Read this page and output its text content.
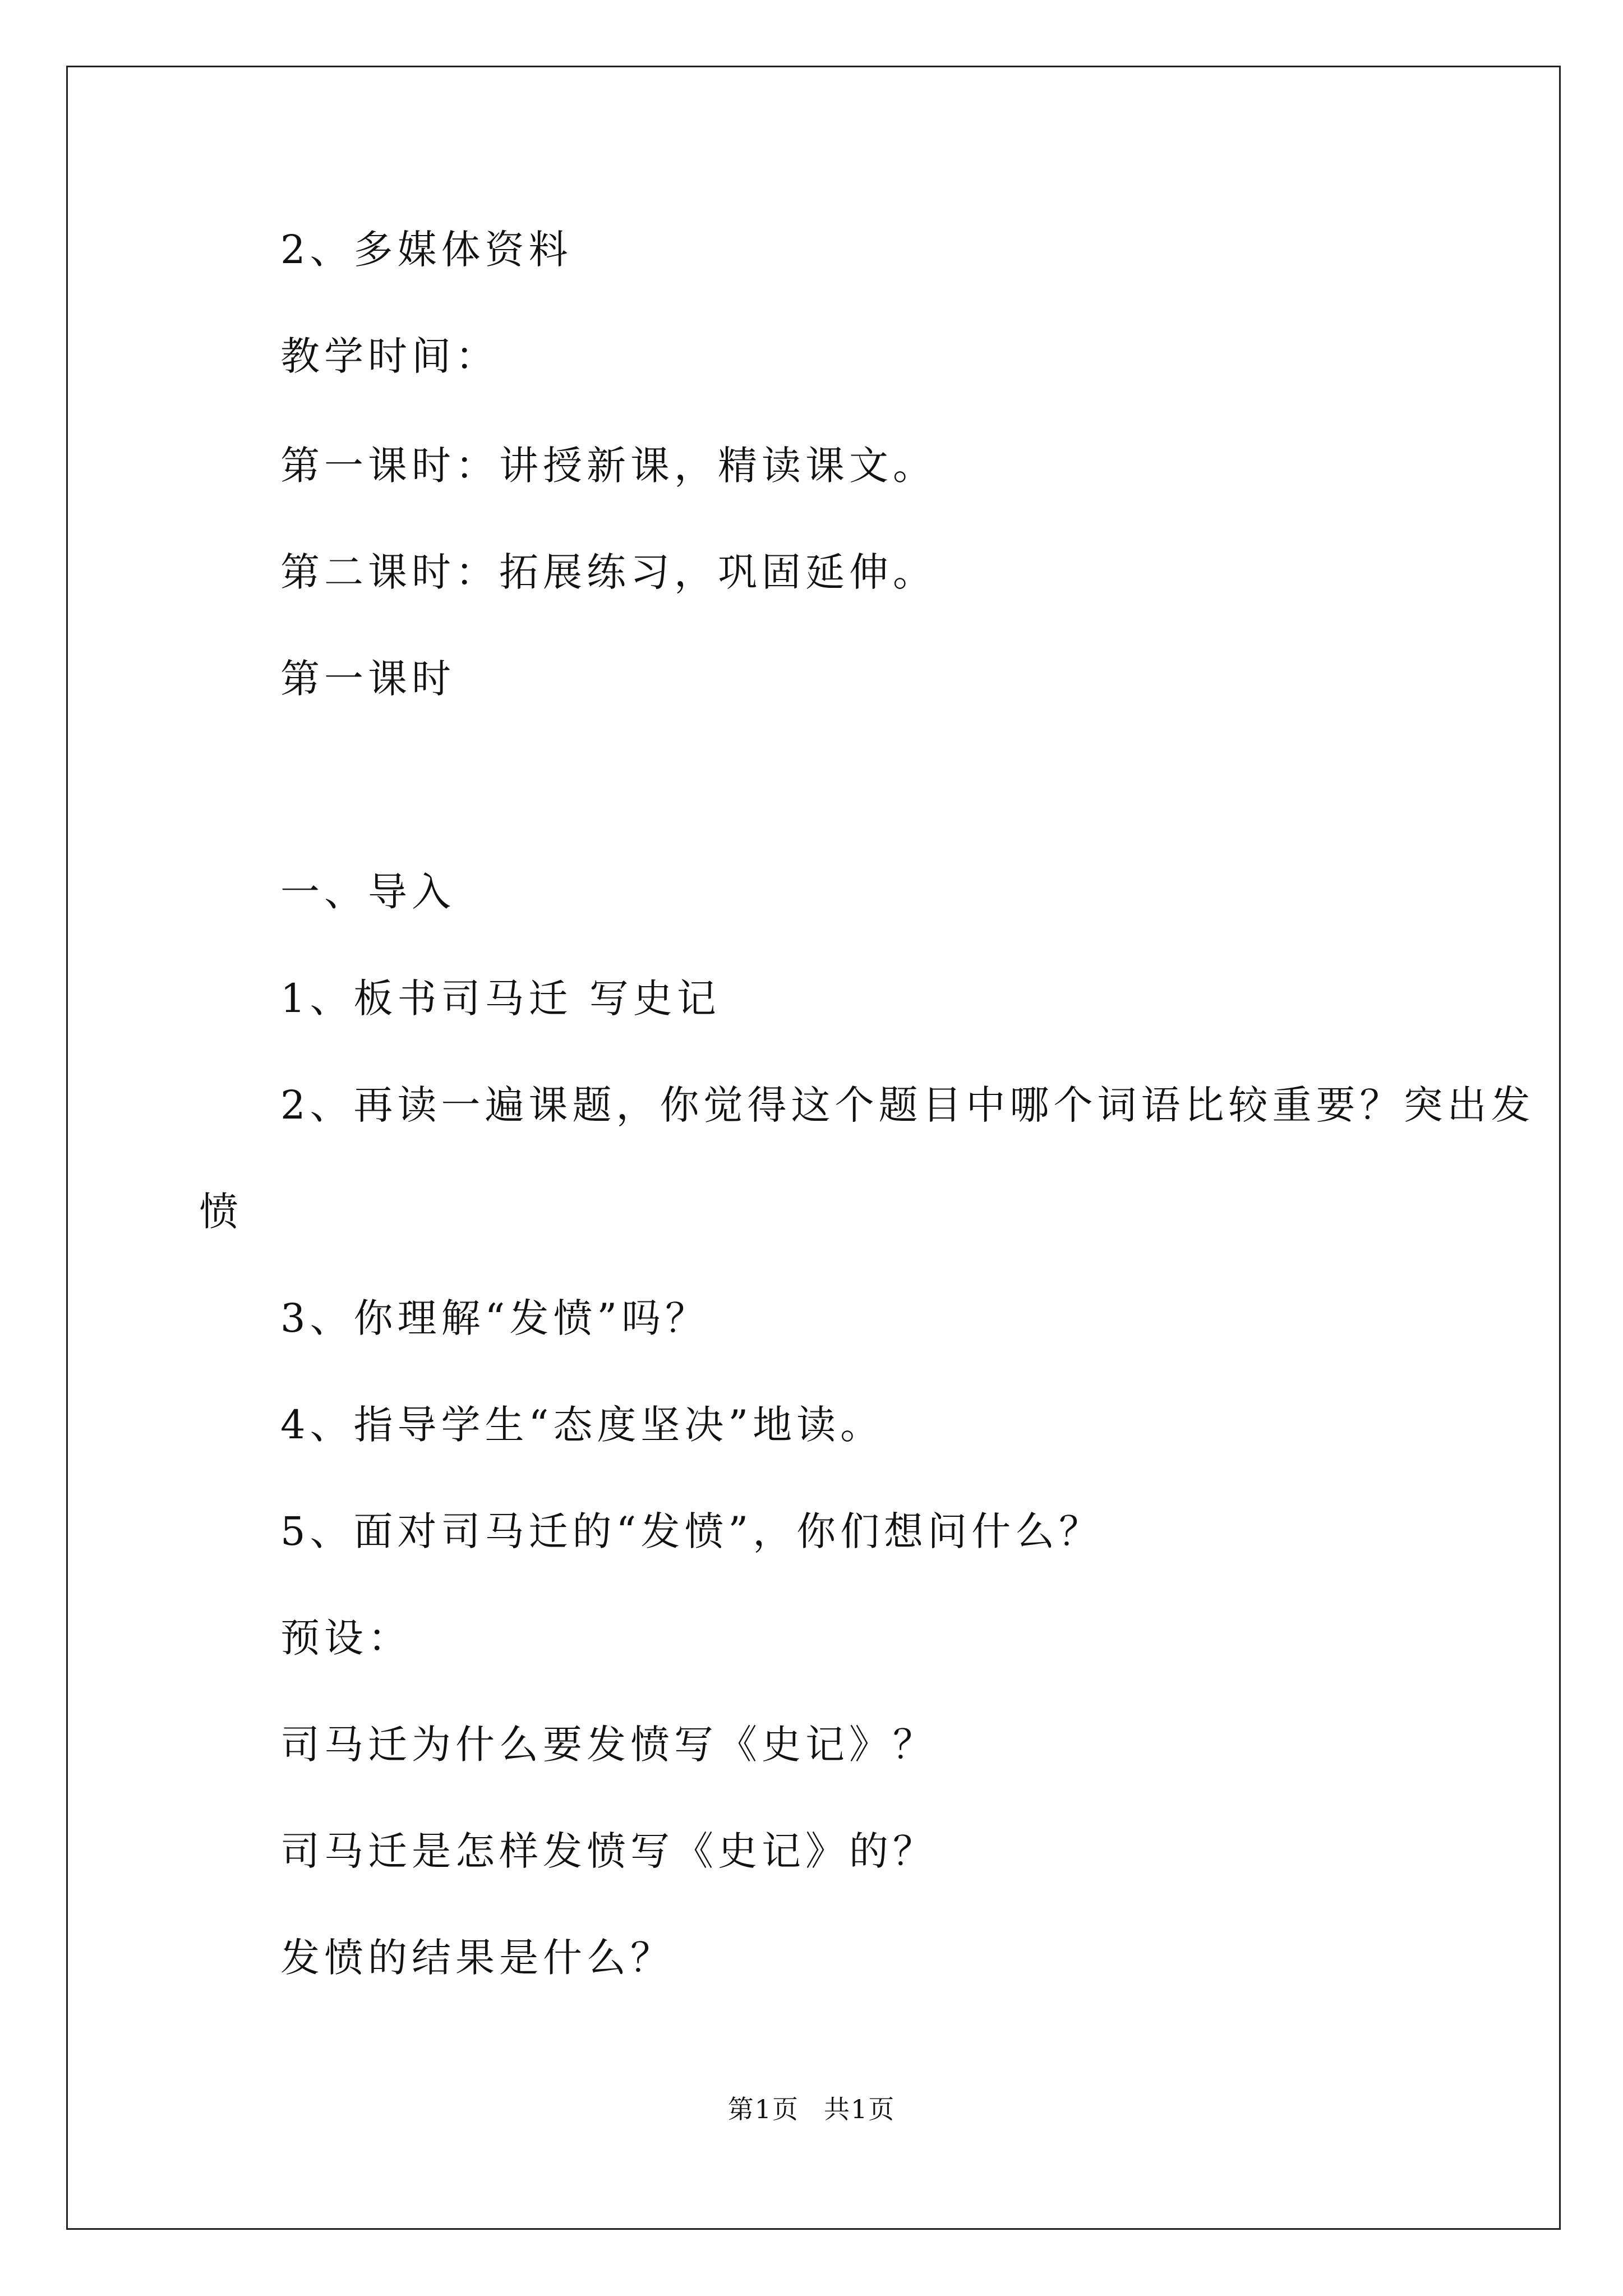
2、多媒体资料
教学时间：
第一课时：讲授新课，精读课文。
第二课时：拓展练习，巩固延伸。
第一课时
一、导入
1、板书司马迁 写史记
2、再读一遍课题，你觉得这个题目中哪个词语比较重要？突出发
愤
3、你理解“发愤”吗？
4、指导学生“态度坚决”地读。
5、面对司马迁的“发愤”，你们想问什么？
预设：
司马迁为什么要发愤写《史记》？
司马迁是怎样发愤写《史记》的？
发愤的结果是什么？
第1页 共1页
